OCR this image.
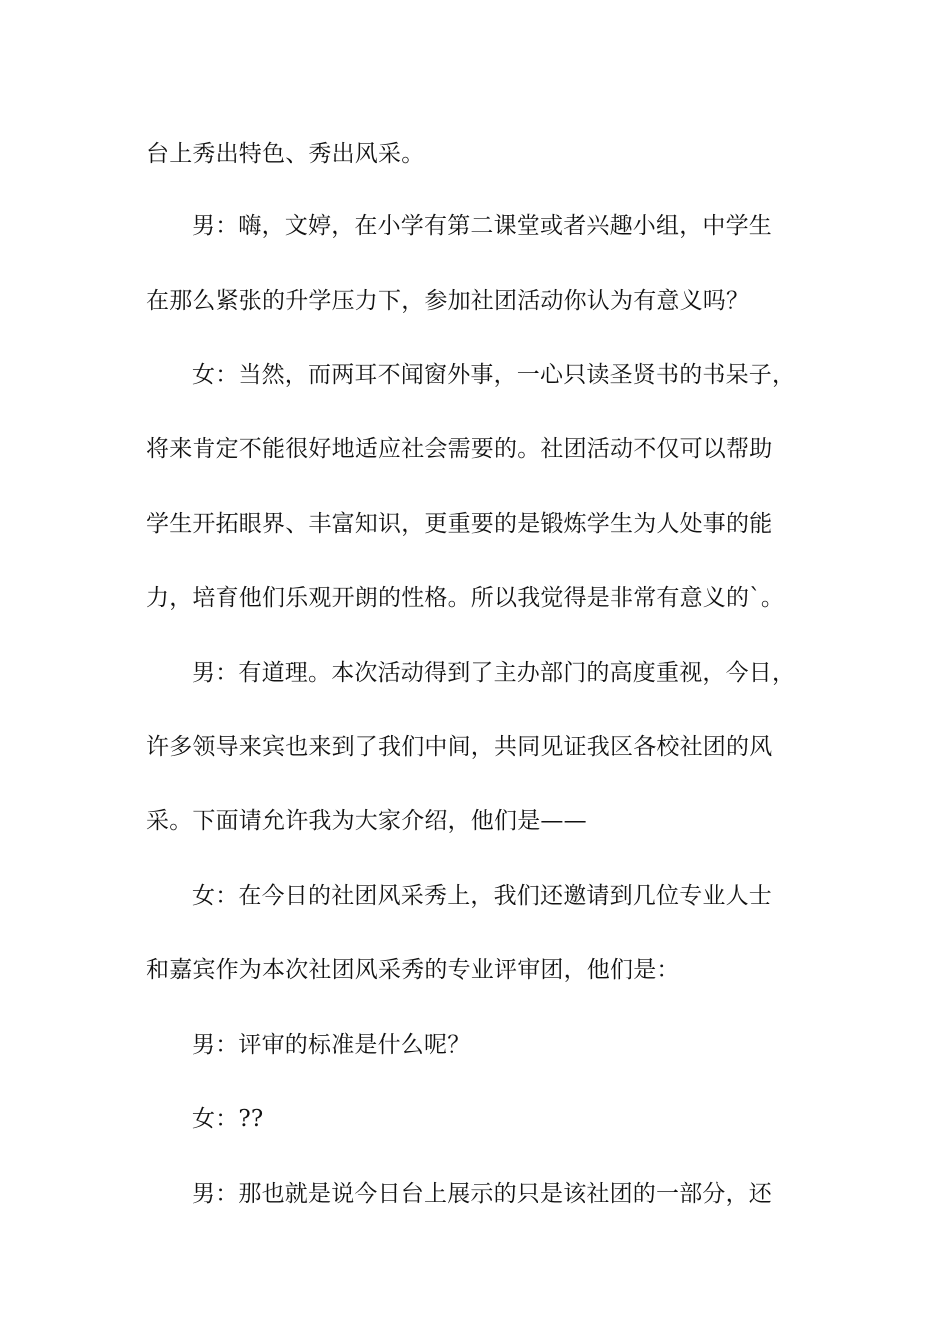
台上秀出特色、秀出风采。
男：嗨，文婷，在小学有第二课堂或者兴趣小组，中学生
在那么紧张的升学压力下，参加社团活动你认为有意义吗？
女：当然，而两耳不闻窗外事，一心只读圣贤书的书呆子，
将来肯定不能很好地适应社会需要的。社团活动不仅可以帮助
学生开拓眼界、丰富知识，更重要的是锻炼学生为人处事的能
力，培育他们乐观开朗的性格。所以我觉得是非常有意义的`。
男：有道理。本次活动得到了主办部门的高度重视，今日，
许多领导来宾也来到了我们中间，共同见证我区各校社团的风
采。下面请允许我为大家介绍，他们是——
女：在今日的社团风采秀上，我们还邀请到几位专业人士
和嘉宾作为本次社团风采秀的专业评审团，他们是：
男：评审的标准是什么呢？
女：??
男：那也就是说今日台上展示的只是该社团的一部分，还
